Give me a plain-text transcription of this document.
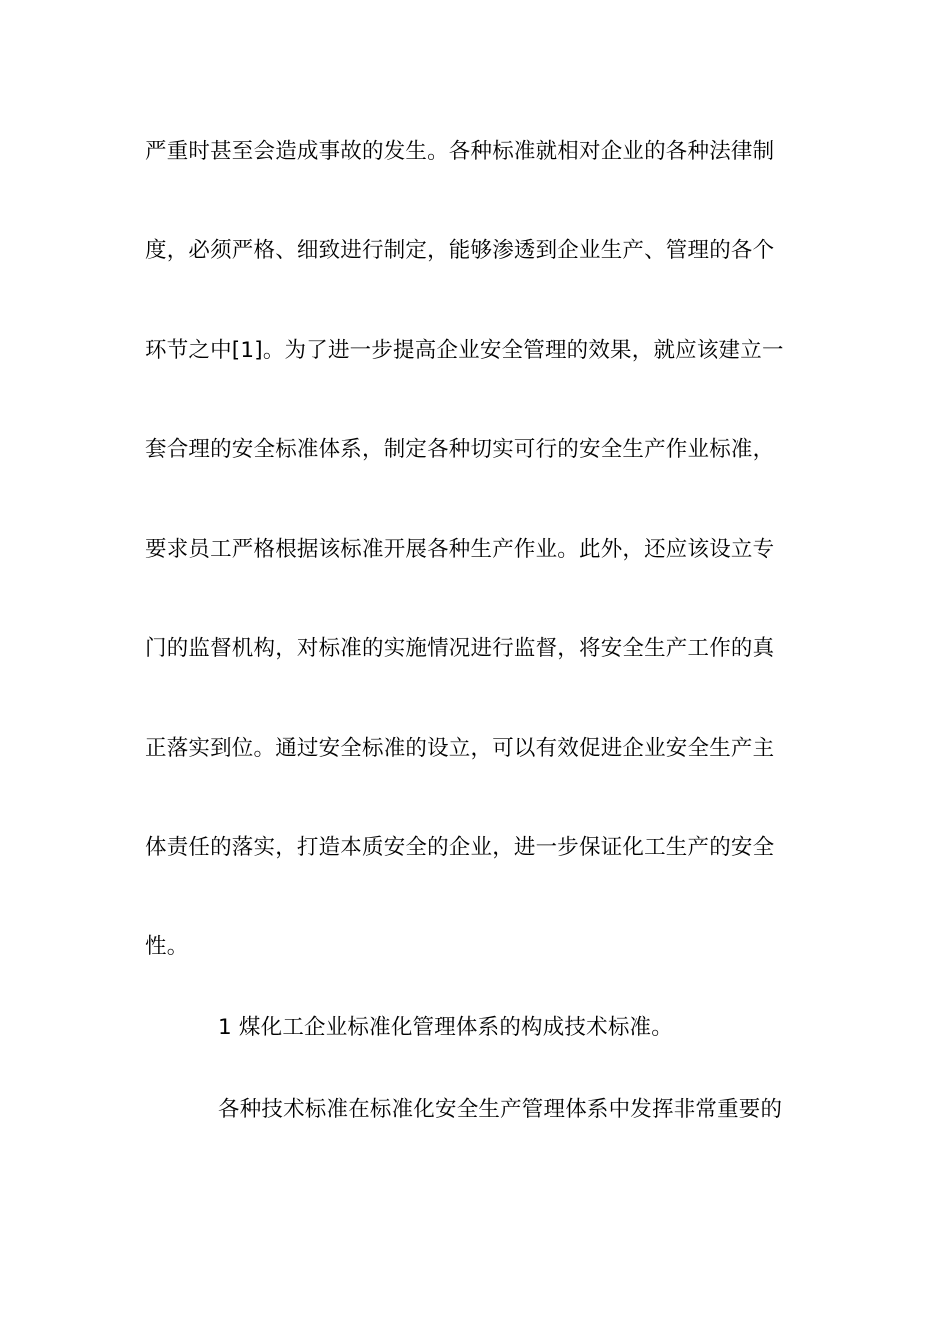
严重时甚至会造成事故的发生。各种标准就相对企业的各种法律制
度，必须严格、细致进行制定，能够渗透到企业生产、管理的各个
环节之中[1]。为了进一步提高企业安全管理的效果，就应该建立一
套合理的安全标准体系，制定各种切实可行的安全生产作业标准，
要求员工严格根据该标准开展各种生产作业。此外，还应该设立专
门的监督机构，对标准的实施情况进行监督，将安全生产工作的真
正落实到位。通过安全标准的设立，可以有效促进企业安全生产主
体责任的落实，打造本质安全的企业，进一步保证化工生产的安全
性。
1 煤化工企业标准化管理体系的构成技术标准。
各种技术标准在标准化安全生产管理体系中发挥非常重要的
